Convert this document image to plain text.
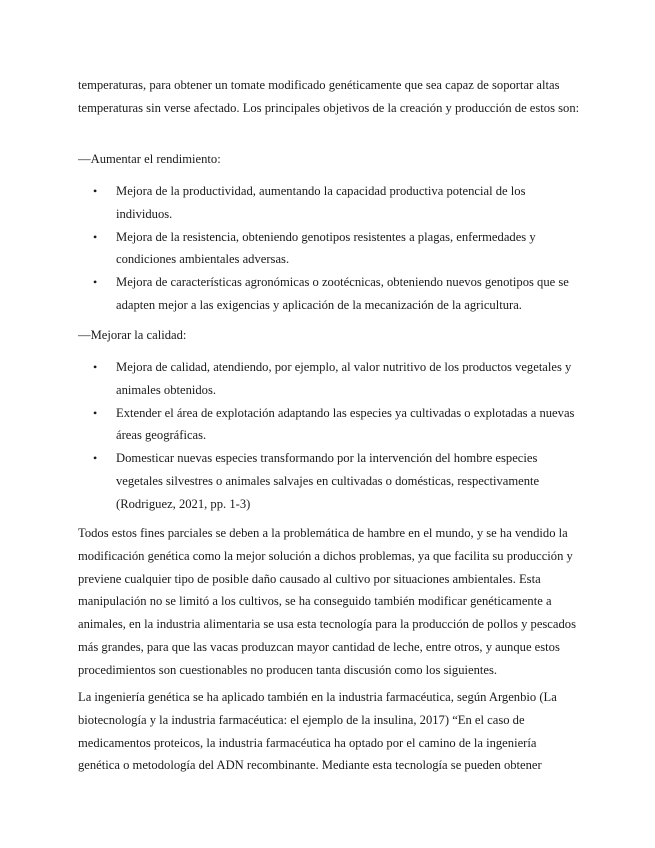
temperaturas, para obtener un tomate modificado genéticamente que sea capaz de soportar altas temperaturas sin verse afectado. Los principales objetivos de la creación y producción de estos son:

―Aumentar el rendimiento:

• Mejora de la productividad, aumentando la capacidad productiva potencial de los individuos.
• Mejora de la resistencia, obteniendo genotipos resistentes a plagas, enfermedades y condiciones ambientales adversas.
• Mejora de características agronómicas o zootécnicas, obteniendo nuevos genotipos que se adapten mejor a las exigencias y aplicación de la mecanización de la agricultura.

―Mejorar la calidad:

• Mejora de calidad, atendiendo, por ejemplo, al valor nutritivo de los productos vegetales y animales obtenidos.
• Extender el área de explotación adaptando las especies ya cultivadas o explotadas a nuevas áreas geográficas.
• Domesticar nuevas especies transformando por la intervención del hombre especies vegetales silvestres o animales salvajes en cultivadas o domésticas, respectivamente (Rodriguez, 2021, pp. 1-3)

Todos estos fines parciales se deben a la problemática de hambre en el mundo, y se ha vendido la modificación genética como la mejor solución a dichos problemas, ya que facilita su producción y previene cualquier tipo de posible daño causado al cultivo por situaciones ambientales. Esta manipulación no se limitó a los cultivos, se ha conseguido también modificar genéticamente a animales, en la industria alimentaria se usa esta tecnología para la producción de pollos y pescados más grandes, para que las vacas produzcan mayor cantidad de leche, entre otros, y aunque estos procedimientos son cuestionables no producen tanta discusión como los siguientes.

La ingeniería genética se ha aplicado también en la industria farmacéutica, según Argenbio (La biotecnología y la industria farmacéutica: el ejemplo de la insulina, 2017) “En el caso de medicamentos proteicos, la industria farmacéutica ha optado por el camino de la ingeniería genética o metodología del ADN recombinante. Mediante esta tecnología se pueden obtener
